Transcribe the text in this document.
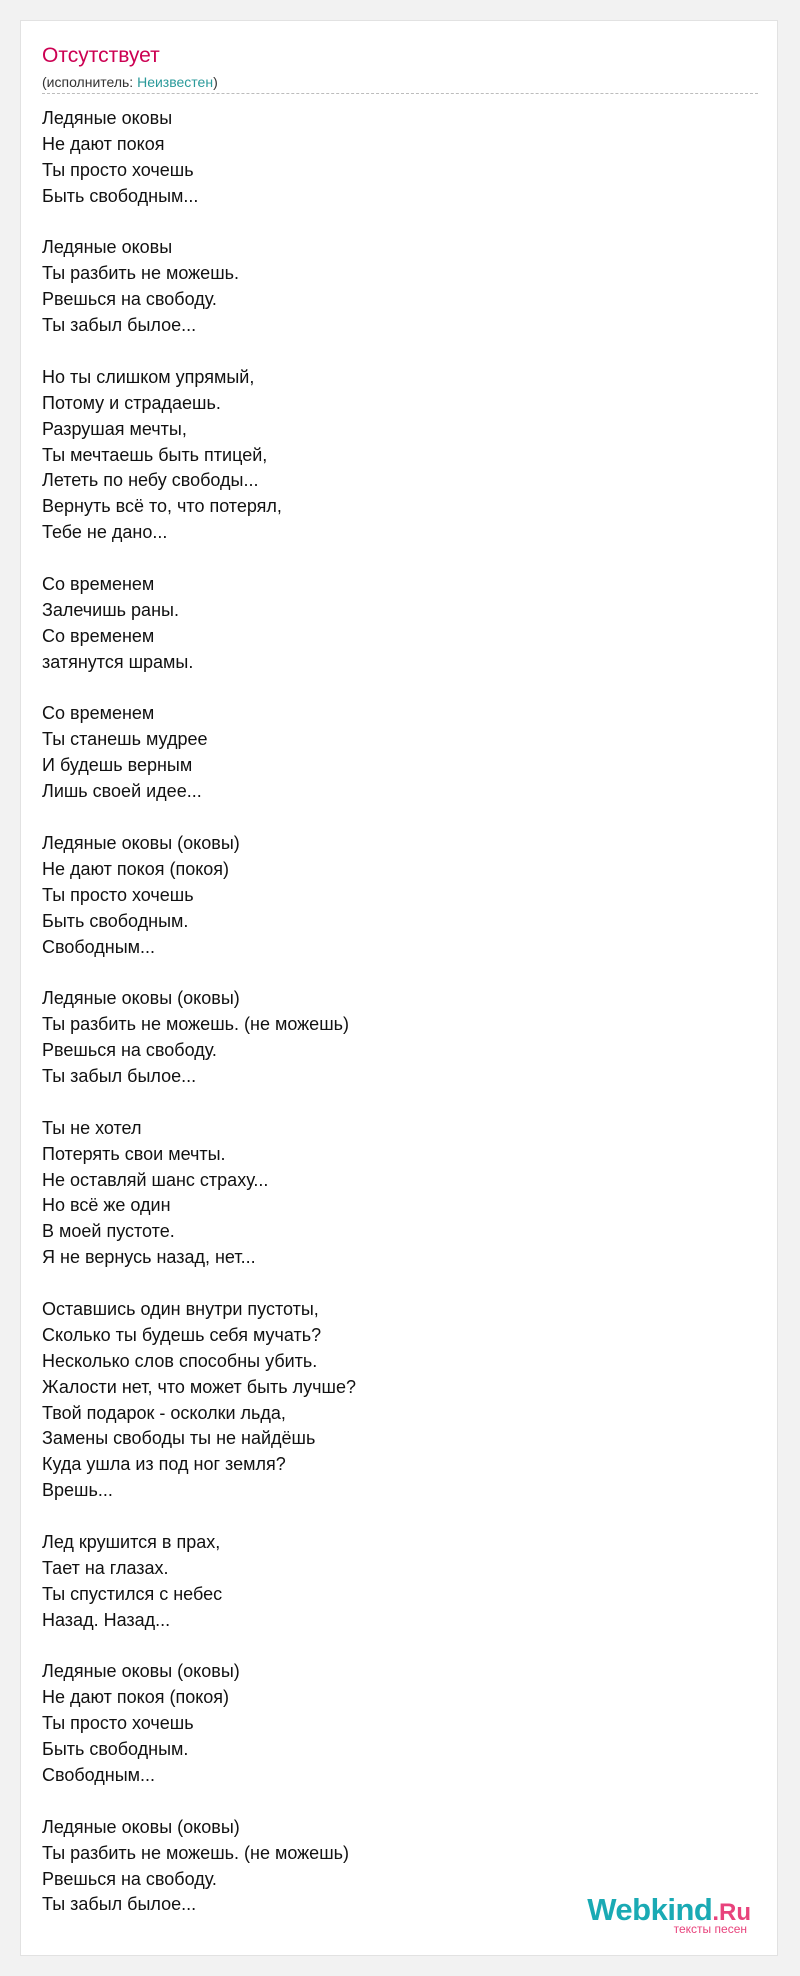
Отсутствует
(исполнитель: Неизвестен)
Ледяные оковы
Не дают покоя
Ты просто хочешь
Быть свободным...
Ледяные оковы
Ты разбить не можешь.
Рвешься на свободу.
Ты забыл былое...
Но ты слишком упрямый,
Потому и страдаешь.
Разрушая мечты,
Ты мечтаешь быть птицей,
Лететь по небу свободы...
Вернуть всё то, что потерял,
Тебе не дано...
Со временем
Залечишь раны.
Со временем
затянутся шрамы.
Со временем
Ты станешь мудрее
И будешь верным
Лишь своей идее...
Ледяные оковы (оковы)
Не дают покоя (покоя)
Ты просто хочешь
Быть свободным.
Свободным...
Ледяные оковы (оковы)
Ты разбить не можешь. (не можешь)
Рвешься на свободу.
Ты забыл былое...
Ты не хотел
Потерять свои мечты.
Не оставляй шанс страху...
Но всё же один
В моей пустоте.
Я не вернусь назад, нет...
Оставшись один внутри пустоты,
Сколько ты будешь себя мучать?
Несколько слов способны убить.
Жалости нет, что может быть лучше?
Твой подарок - осколки льда,
Замены свободы ты не найдёшь
Куда ушла из под ног земля?
Врешь...
Лед крушится в прах,
Тает на глазах.
Ты спустился с небес
Назад. Назад...
Ледяные оковы (оковы)
Не дают покоя (покоя)
Ты просто хочешь
Быть свободным.
Свободным...
Ледяные оковы (оковы)
Ты разбить не можешь. (не можешь)
Рвешься на свободу.
Ты забыл былое...	Webkind.Ru
тексты песен
